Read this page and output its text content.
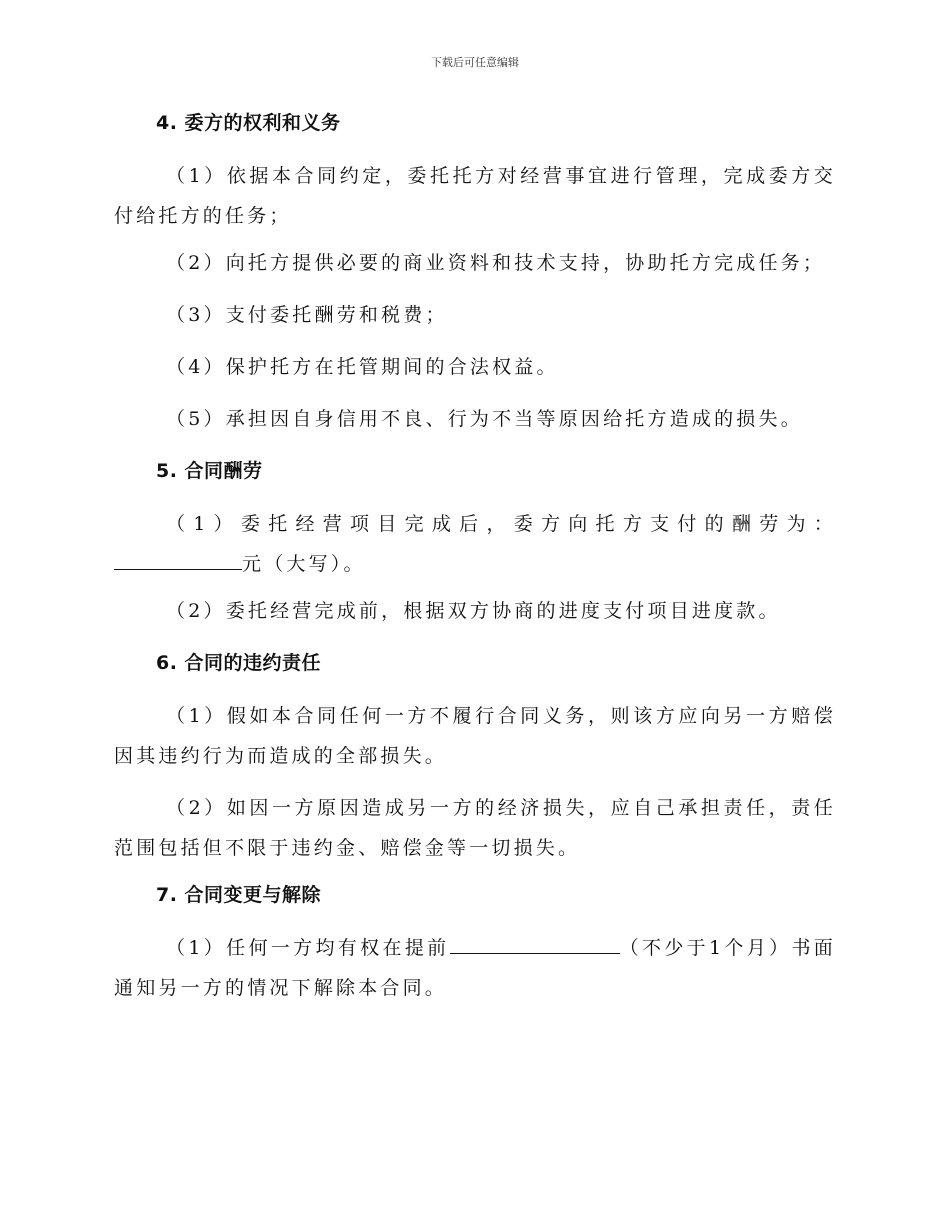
下载后可任意编辑
4. 委方的权利和义务

（1）依据本合同约定，委托托方对经营事宜进行管理，完成委方交付给托方的任务；

（2）向托方提供必要的商业资料和技术支持，协助托方完成任务；

（3）支付委托酬劳和税费；

（4）保护托方在托管期间的合法权益。

（5）承担因自身信用不良、行为不当等原因给托方造成的损失。

5. 合同酬劳

（1）委托经营项目完成后，委方向托方支付的酬劳为：元（大写）。

（2）委托经营完成前，根据双方协商的进度支付项目进度款。

6. 合同的违约责任

（1）假如本合同任何一方不履行合同义务，则该方应向另一方赔偿因其违约行为而造成的全部损失。

（2）如因一方原因造成另一方的经济损失，应自己承担责任，责任范围包括但不限于违约金、赔偿金等一切损失。

7. 合同变更与解除

（1）任何一方均有权在提前	（不少于1个月）书面通知另一方的情况下解除本合同。
